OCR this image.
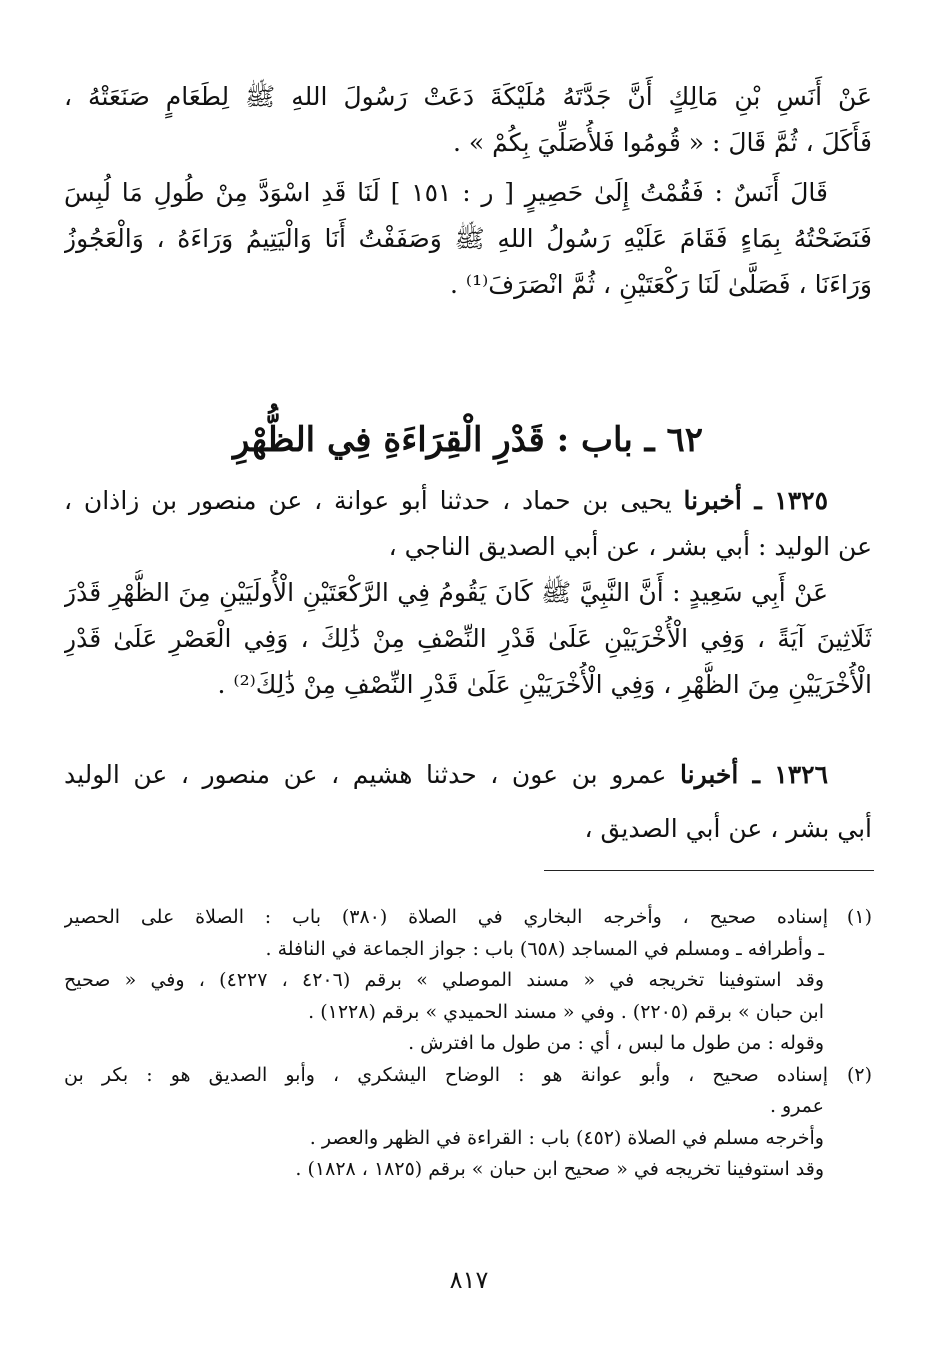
عَنْ أَنَسِ بْنِ مَالِكٍ أَنَّ جَدَّتَهُ مُلَيْكَةَ دَعَتْ رَسُولَ اللهِ ﷺ لِطَعَامٍ صَنَعَتْهُ ،
فَأَكَلَ ، ثُمَّ قَالَ : « قُومُوا فَلأُصَلِّيَ بِكُمْ » .
قَالَ أَنَسٌ : فَقُمْتُ إِلَىٰ حَصِيرٍ [ ر : ١٥١ ] لَنَا قَدِ اسْوَدَّ مِنْ طُولِ مَا لُبِسَ
فَنَضَحْتُهُ بِمَاءٍ فَقَامَ عَلَيْهِ رَسُولُ اللهِ ﷺ وَصَفَفْتُ أَنَا وَالْيَتِيمُ وَرَاءَهُ ، وَالْعَجُوزُ
وَرَاءَنَا ، فَصَلَّىٰ لَنَا رَكْعَتَيْنِ ، ثُمَّ انْصَرَفَ⁽¹⁾ .
٦٢ ـ باب : قَدْرِ الْقِرَاءَةِ فِي الظُّهْرِ
١٣٢٥ ـ أخبرنا يحيى بن حماد ، حدثنا أبو عوانة ، عن منصور بن زاذان ،
عن الوليد : أبي بشر ، عن أبي الصديق الناجي ،
عَنْ أَبِي سَعِيدٍ : أَنَّ النَّبِيَّ ﷺ كَانَ يَقُومُ فِي الرَّكْعَتَيْنِ الْأُولَيَيْنِ مِنَ الظُّهْرِ قَدْرَ
ثَلَاثِينَ آيَةً ، وَفِي الْأُخْرَيَيْنِ عَلَىٰ قَدْرِ النِّصْفِ مِنْ ذَٰلِكَ ، وَفِي الْعَصْرِ عَلَىٰ قَدْرِ
الْأُخْرَيَيْنِ مِنَ الظُّهْرِ ، وَفِي الْأُخْرَيَيْنِ عَلَىٰ قَدْرِ النِّصْفِ مِنْ ذَٰلِكَ⁽²⁾ .
١٣٢٦ ـ أخبرنا عمرو بن عون ، حدثنا هشيم ، عن منصور ، عن الوليد
أبي بشر ، عن أبي الصديق ،
(١)إسناده صحيح ، وأخرجه البخاري في الصلاة (٣٨٠) باب : الصلاة على الحصير
ـ وأطرافه ـ ومسلم في المساجد (٦٥٨) باب : جواز الجماعة في النافلة .
وقد استوفينا تخريجه في « مسند الموصلي » برقم (٤٢٠٦ ، ٤٢٢٧) ، وفي « صحيح
ابن حبان » برقم (٢٢٠٥) . وفي « مسند الحميدي » برقم (١٢٢٨) .
وقوله : من طول ما لبس ، أي : من طول ما افترش .
(٢)إسناده صحيح ، وأبو عوانة هو : الوضاح اليشكري ، وأبو الصديق هو : بكر بن
عمرو .
وأخرجه مسلم في الصلاة (٤٥٢) باب : القراءة في الظهر والعصر .
وقد استوفينا تخريجه في « صحيح ابن حبان » برقم (١٨٢٥ ، ١٨٢٨) .
٨١٧
